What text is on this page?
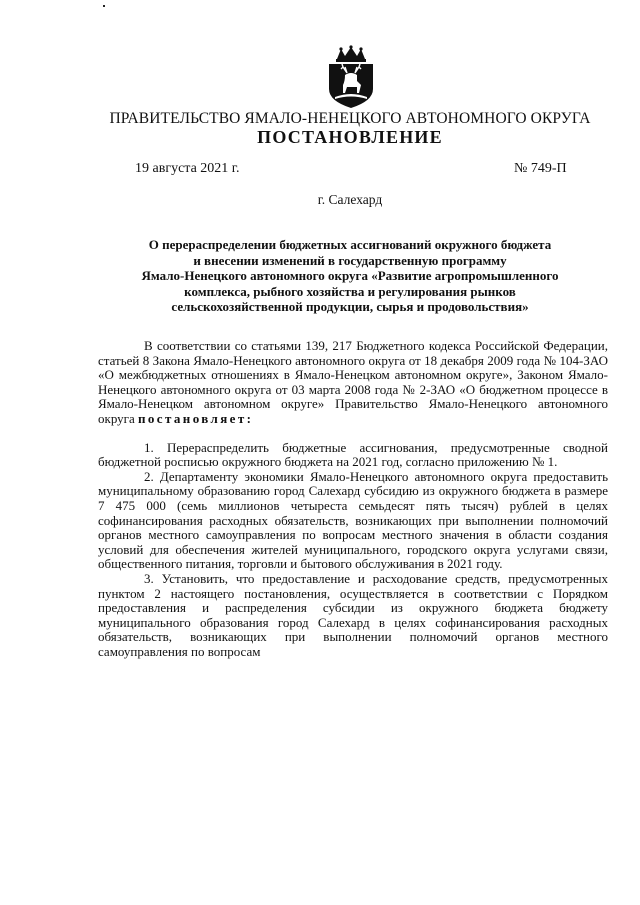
ПРАВИТЕЛЬСТВО ЯМАЛО-НЕНЕЦКОГО АВТОНОМНОГО ОКРУГА
ПОСТАНОВЛЕНИЕ
19 августа 2021 г.	№ 749-П
г. Салехард
О перераспределении бюджетных ассигнований окружного бюджета
и внесении изменений в государственную программу
Ямало-Ненецкого автономного округа «Развитие агропромышленного
комплекса, рыбного хозяйства и регулирования рынков
сельскохозяйственной продукции, сырья и продовольствия»

В соответствии со статьями 139, 217 Бюджетного кодекса Российской Федерации, статьей 8 Закона Ямало-Ненецкого автономного округа от 18 декабря 2009 года № 104-ЗАО «О межбюджетных отношениях в Ямало-Ненецком автономном округе», Законом Ямало-Ненецкого автономного округа от 03 марта 2008 года № 2-ЗАО «О бюджетном процессе в Ямало-Ненецком автономном округе» Правительство Ямало-Ненецкого автономного округа постановляет:

1. Перераспределить бюджетные ассигнования, предусмотренные сводной бюджетной росписью окружного бюджета на 2021 год, согласно приложению № 1.

2. Департаменту экономики Ямало-Ненецкого автономного округа предоставить муниципальному образованию город Салехард субсидию из окружного бюджета в размере 7 475 000 (семь миллионов четыреста семьдесят пять тысяч) рублей в целях софинансирования расходных обязательств, возникающих при выполнении полномочий органов местного самоуправления по вопросам местного значения в области создания условий для обеспечения жителей муниципального, городского округа услугами связи, общественного питания, торговли и бытового обслуживания в 2021 году.

3. Установить, что предоставление и расходование средств, предусмотренных пунктом 2 настоящего постановления, осуществляется в соответствии с Порядком предоставления и распределения субсидии из окружного бюджета бюджету муниципального образования город Салехард в целях софинансирования расходных обязательств, возникающих при выполнении полномочий органов местного самоуправления по вопросам
